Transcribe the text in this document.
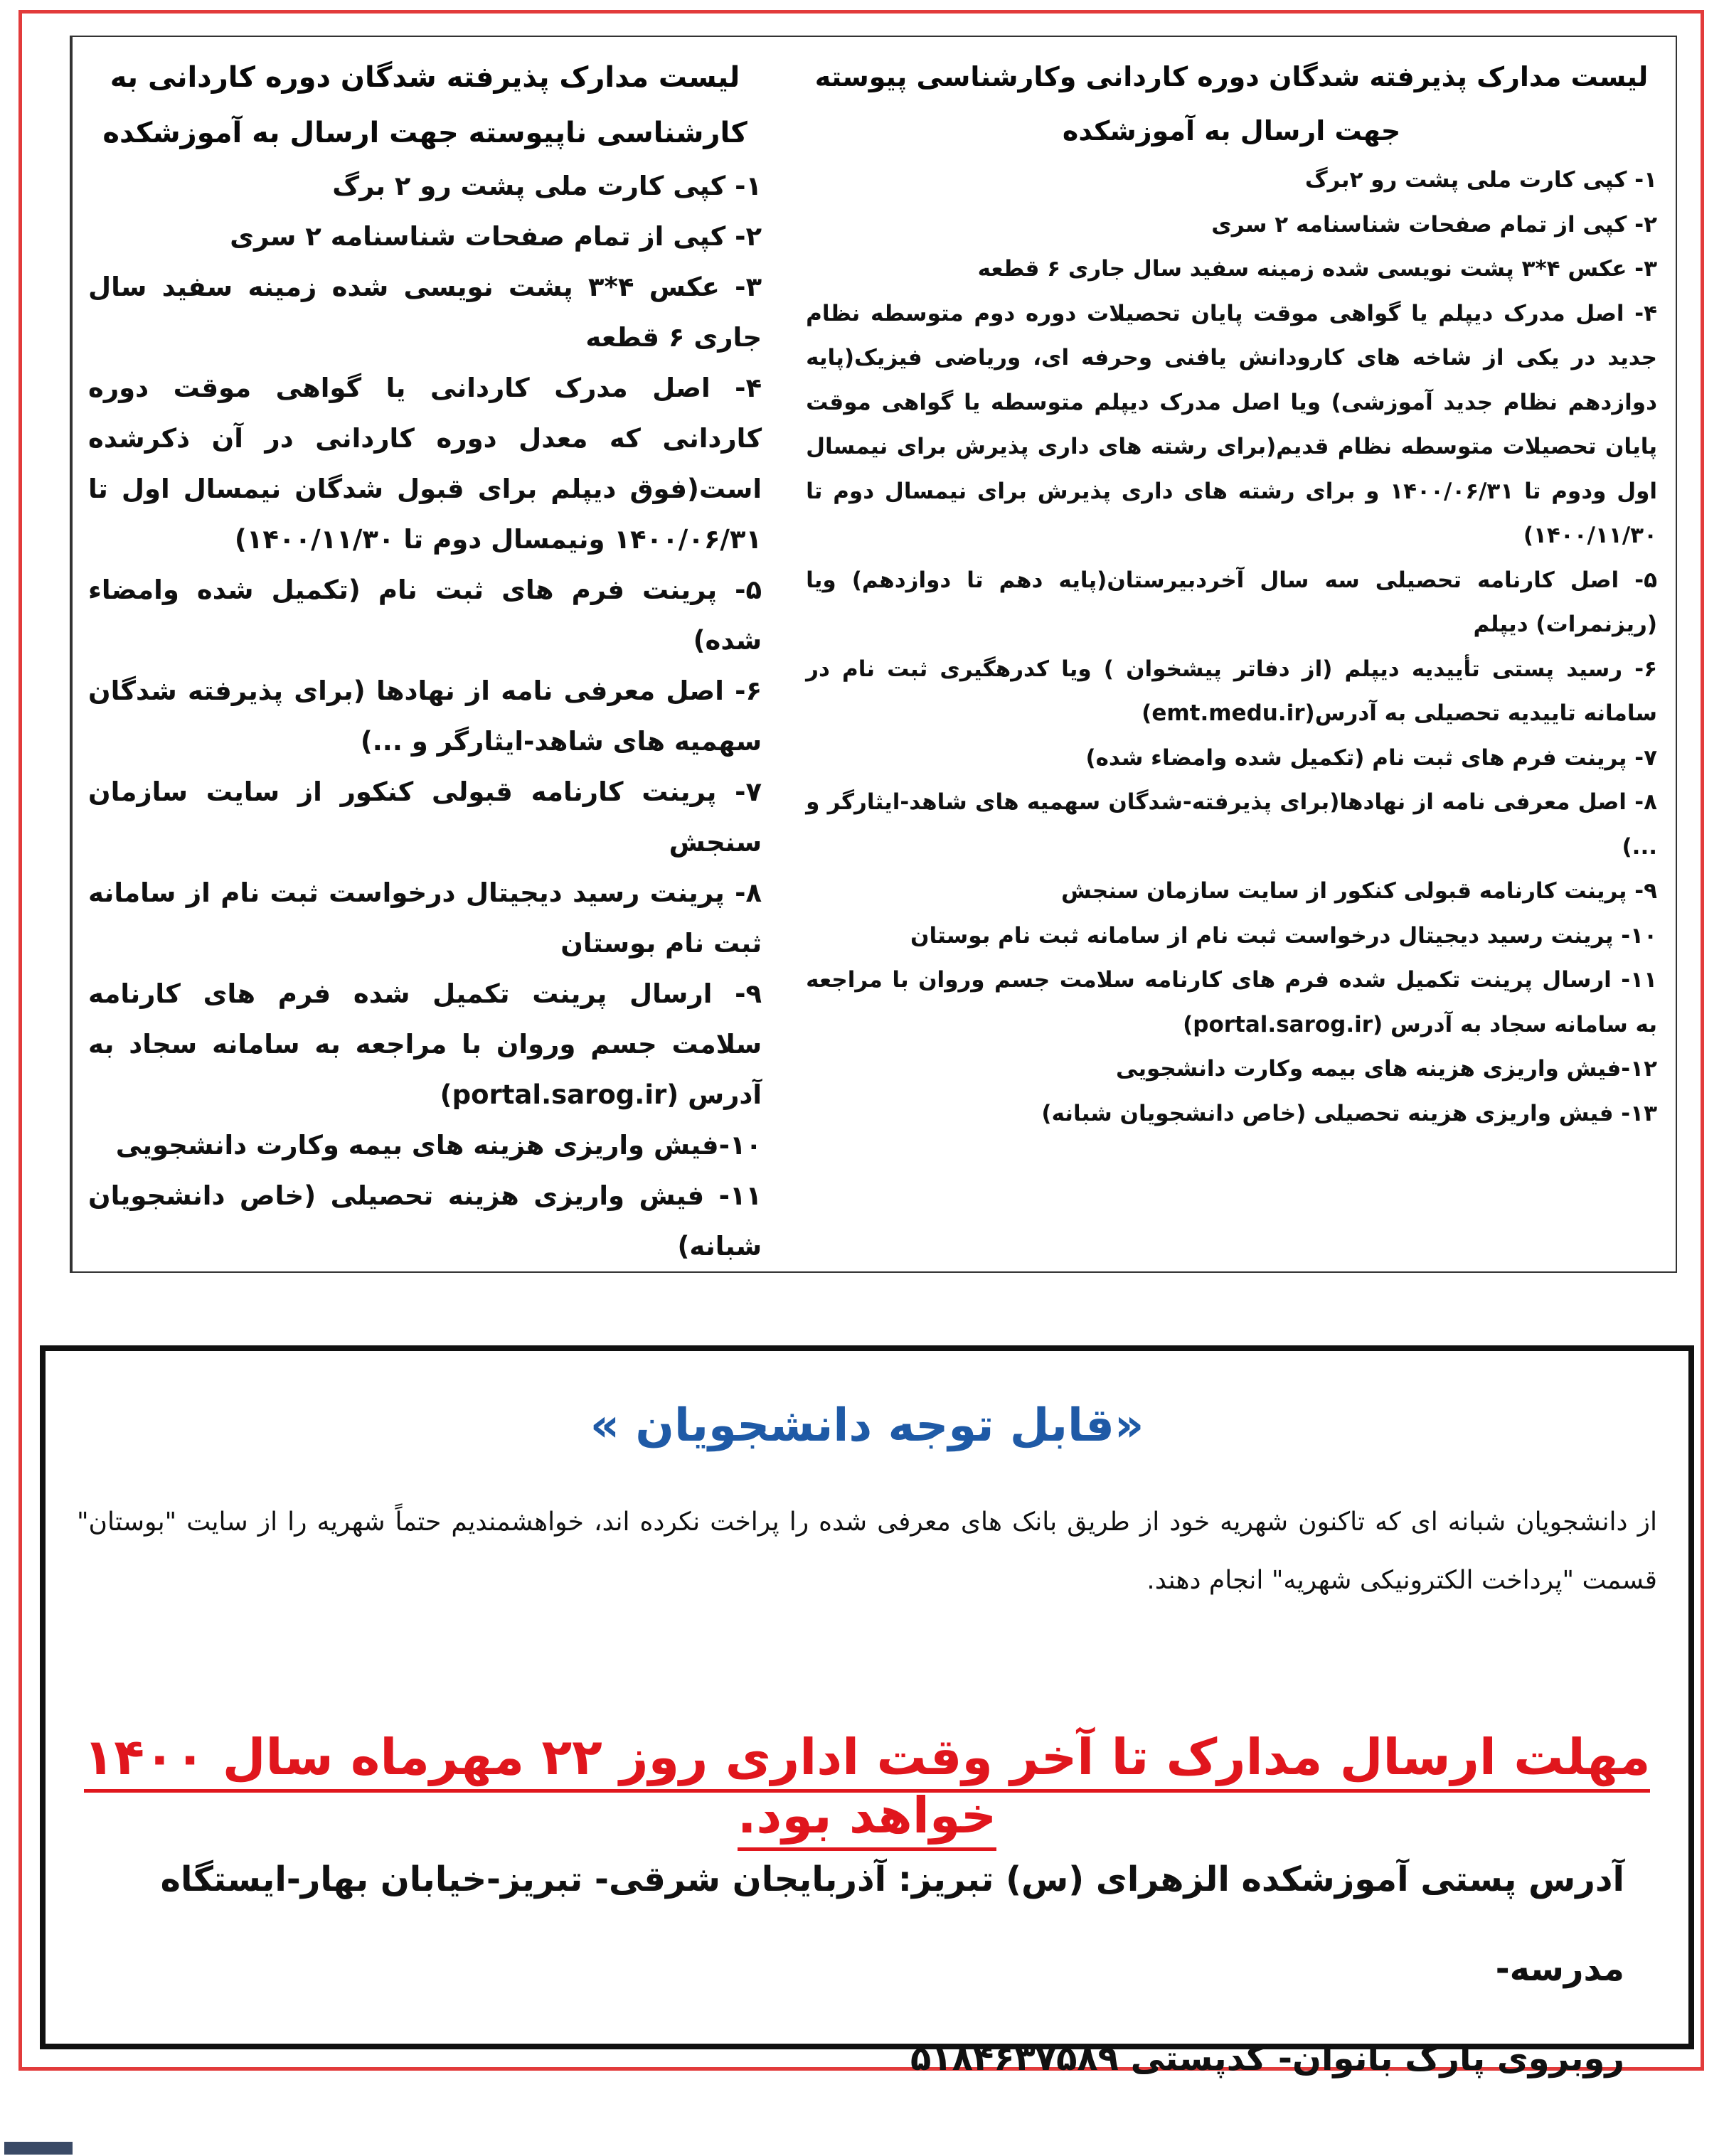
لیست مدارک پذیرفته شدگان دوره کاردانی به کارشناسی ناپیوسته جهت ارسال به آموزشکده
۱- کپی کارت ملی پشت رو ۲ برگ
۲- کپی از تمام صفحات شناسنامه ۲ سری
۳- عکس ۴*۳ پشت نویسی شده زمینه سفید سال جاری ۶ قطعه
۴- اصل مدرک کاردانی یا گواهی موقت دوره کاردانی که معدل دوره کاردانی در آن ذکرشده است(فوق دیپلم برای قبول شدگان نیمسال اول تا ۱۴۰۰/۰۶/۳۱ ونیمسال دوم تا ۱۴۰۰/۱۱/۳۰)
۵- پرینت فرم های ثبت نام (تکمیل شده وامضاء شده)
۶- اصل معرفی نامه از نهادها (برای پذیرفته شدگان سهمیه های شاهد-ایثارگر و ...)
۷- پرینت کارنامه قبولی کنکور از سایت سازمان سنجش
۸- پرینت رسید دیجیتال درخواست ثبت نام از سامانه ثبت نام بوستان
۹- ارسال پرینت تکمیل شده فرم های کارنامه سلامت جسم وروان با مراجعه به سامانه سجاد به آدرس (portal.sarog.ir)
۱۰-فیش واریزی هزینه های بیمه وکارت دانشجویی
۱۱- فیش واریزی هزینه تحصیلی (خاص دانشجویان شبانه)
لیست مدارک پذیرفته شدگان دوره کاردانی وکارشناسی پیوسته جهت ارسال به آموزشکده
۱- کپی کارت ملی پشت رو ۲برگ
۲- کپی از تمام صفحات شناسنامه ۲ سری
۳- عکس ۴*۳ پشت نویسی شده زمینه سفید سال جاری ۶ قطعه
۴- اصل مدرک دیپلم یا گواهی موقت پایان تحصیلات دوره دوم متوسطه نظام جدید در یکی از شاخه های کارودانش یافنی وحرفه ای، وریاضی فیزیک(پایه دوازدهم نظام جدید آموزشی) ویا اصل مدرک دیپلم متوسطه یا گواهی موقت پایان تحصیلات متوسطه نظام قدیم(برای رشته های داری پذیرش برای نیمسال اول ودوم تا ۱۴۰۰/۰۶/۳۱ و برای رشته های داری پذیرش برای نیمسال دوم تا ۱۴۰۰/۱۱/۳۰)
۵- اصل کارنامه تحصیلی سه سال آخردبیرستان(پایه دهم تا دوازدهم) ویا (ریزنمرات) دیپلم
۶- رسید پستی تأییدیه دیپلم (از دفاتر پیشخوان ) ویا کدرهگیری ثبت نام در سامانه تاییدیه تحصیلی به آدرس(emt.medu.ir)
۷- پرینت فرم های ثبت نام (تکمیل شده وامضاء شده)
۸- اصل معرفی نامه از نهادها(برای پذیرفته-شدگان سهمیه های شاهد-ایثارگر و ...)
۹- پرینت کارنامه قبولی کنکور از سایت سازمان سنجش
۱۰- پرینت رسید دیجیتال درخواست ثبت نام از سامانه ثبت نام بوستان
۱۱- ارسال پرینت تکمیل شده فرم های کارنامه سلامت جسم وروان با مراجعه به سامانه سجاد به آدرس (portal.sarog.ir)
۱۲-فیش واریزی هزینه های بیمه وکارت دانشجویی
۱۳- فیش واریزی هزینه تحصیلی (خاص دانشجویان شبانه)
«قابل توجه دانشجویان »
از دانشجویان شبانه ای که تاکنون شهریه خود از طریق بانک های معرفی شده را پراخت نکرده اند، خواهشمندیم حتماً شهریه را از سایت "بوستان" قسمت "پرداخت الکترونیکی شهریه" انجام دهند.
مهلت ارسال مدارک تا آخر وقت اداری روز ۲۲ مهرماه سال ۱۴۰۰ خواهد بود.
آدرس پستی آموزشکده الزهرای (س) تبریز: آذربایجان شرقی- تبریز-خیابان بهار-ایستگاه مدرسه-
روبروی پارک بانوان- کدپستی ۵۱۸۴۶۳۷۵۸۹
